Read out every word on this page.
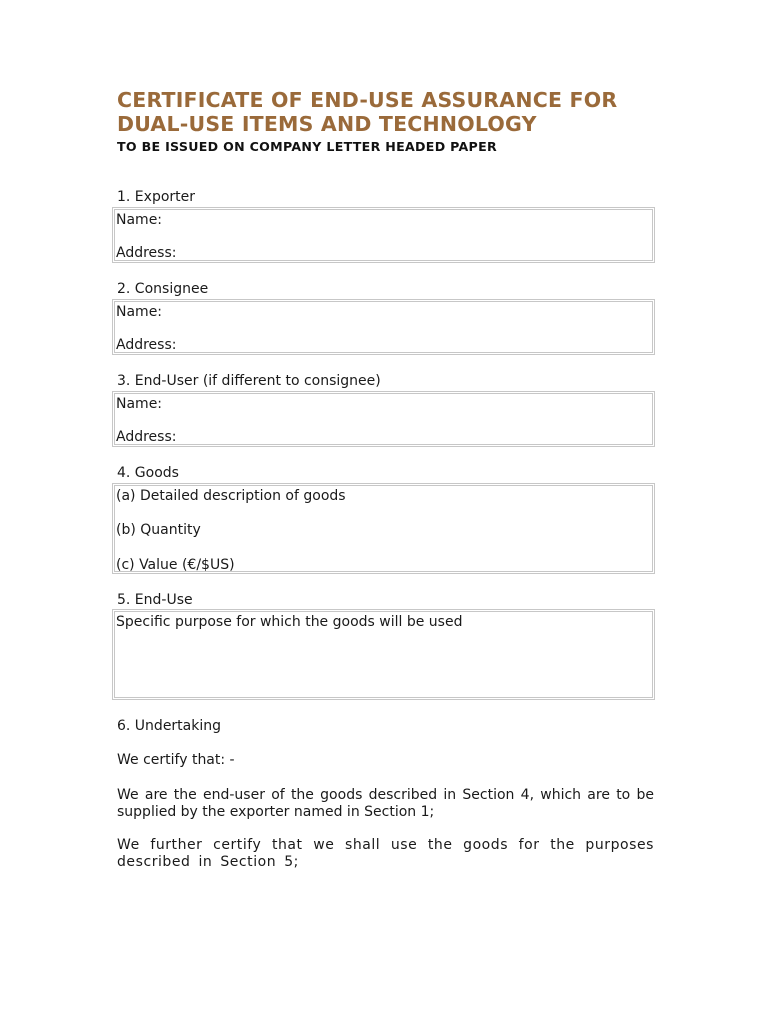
CERTIFICATE OF END-USE ASSURANCE FOR
DUAL-USE ITEMS AND TECHNOLOGY
TO BE ISSUED ON COMPANY LETTER HEADED PAPER
1. Exporter
Name:
Address:
2. Consignee
Name:
Address:
3. End-User (if different to consignee)
Name:
Address:
4. Goods
(a) Detailed description of goods
(b) Quantity
(c) Value (€/$US)
5. End-Use
Specific purpose for which the goods will be used
6. Undertaking
We certify that: -
We are the end-user of the goods described in Section 4, which are to be supplied by the exporter named in Section 1;
We further certify that we shall use the goods for the purposes described in Section 5;
